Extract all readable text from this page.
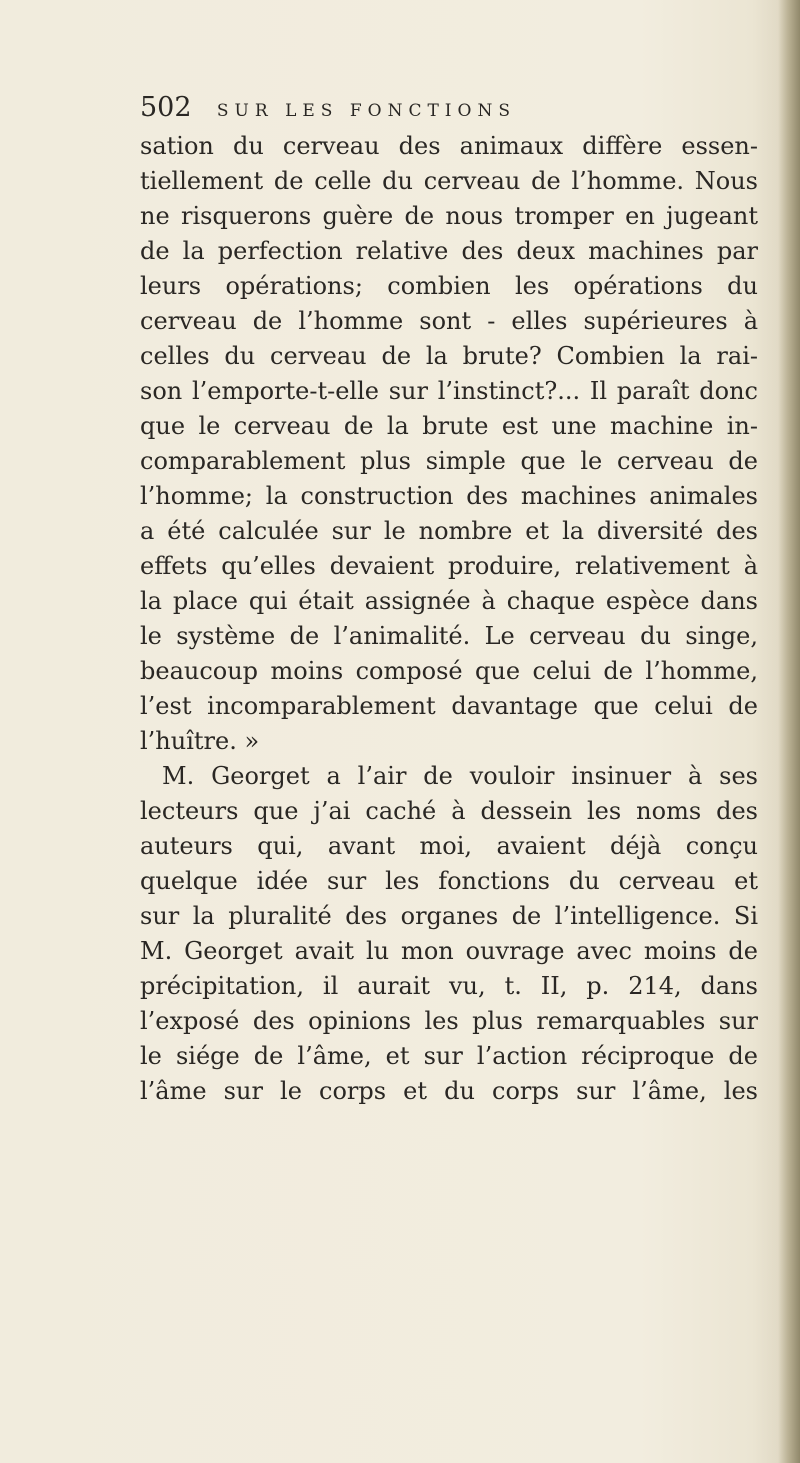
502 SUR LES FONCTIONS
sation du cerveau des animaux diffère essen-
tiellement de celle du cerveau de l’homme. Nous
ne risquerons guère de nous tromper en jugeant
de la perfection relative des deux machines par
leurs opérations; combien les opérations du
cerveau de l’homme sont - elles supérieures à
celles du cerveau de la brute? Combien la rai-
son l’emporte-t-elle sur l’instinct?... Il paraît donc
que le cerveau de la brute est une machine in-
comparablement plus simple que le cerveau de
l’homme; la construction des machines animales
a été calculée sur le nombre et la diversité des
effets qu’elles devaient produire, relativement à
la place qui était assignée à chaque espèce dans
le système de l’animalité. Le cerveau du singe,
beaucoup moins composé que celui de l’homme,
l’est incomparablement davantage que celui de
l’huître. »
M. Georget a l’air de vouloir insinuer à ses
lecteurs que j’ai caché à dessein les noms des
auteurs qui, avant moi, avaient déjà conçu
quelque idée sur les fonctions du cerveau et
sur la pluralité des organes de l’intelligence. Si
M. Georget avait lu mon ouvrage avec moins de
précipitation, il aurait vu, t. II, p. 214, dans
l’exposé des opinions les plus remarquables sur
le siége de l’âme, et sur l’action réciproque de
l’âme sur le corps et du corps sur l’âme, les
